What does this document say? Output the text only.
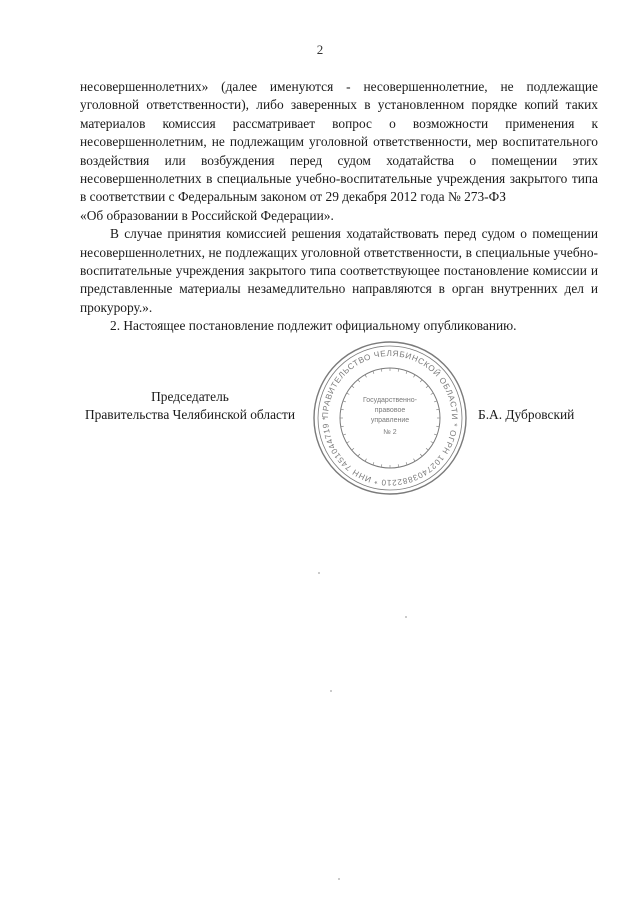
2

несовершеннолетних» (далее именуются - несовершеннолетние, не подлежащие уголовной ответственности), либо заверенных в установленном порядке копий таких материалов комиссия рассматривает вопрос о возможности применения к несовершеннолетним, не подлежащим уголовной ответственности, мер воспитательного воздействия или возбуждения перед судом ходатайства о помещении этих несовершеннолетних в специальные учебно-воспитательные учреждения закрытого типа в соответствии с Федеральным законом от 29 декабря 2012 года № 273-ФЗ

«Об образовании в Российской Федерации».

В случае принятия комиссией решения ходатайствовать перед судом о помещении несовершеннолетних, не подлежащих уголовной ответственности, в специальные учебно-воспитательные учреждения закрытого типа соответствующее постановление комиссии и представленные материалы незамедлительно направляются в орган внутренних дел и прокурору.».

2. Настоящее постановление подлежит официальному опубликованию.

Председатель
Правительства Челябинской области	Б.А. Дубровский
ПРАВИТЕЛЬСТВО ЧЕЛЯБИНСКОЙ ОБЛАСТИ * ОГРН 1027403882210 * ИНН 7451044719 *
Государственно-
правовое
управление
№ 2
